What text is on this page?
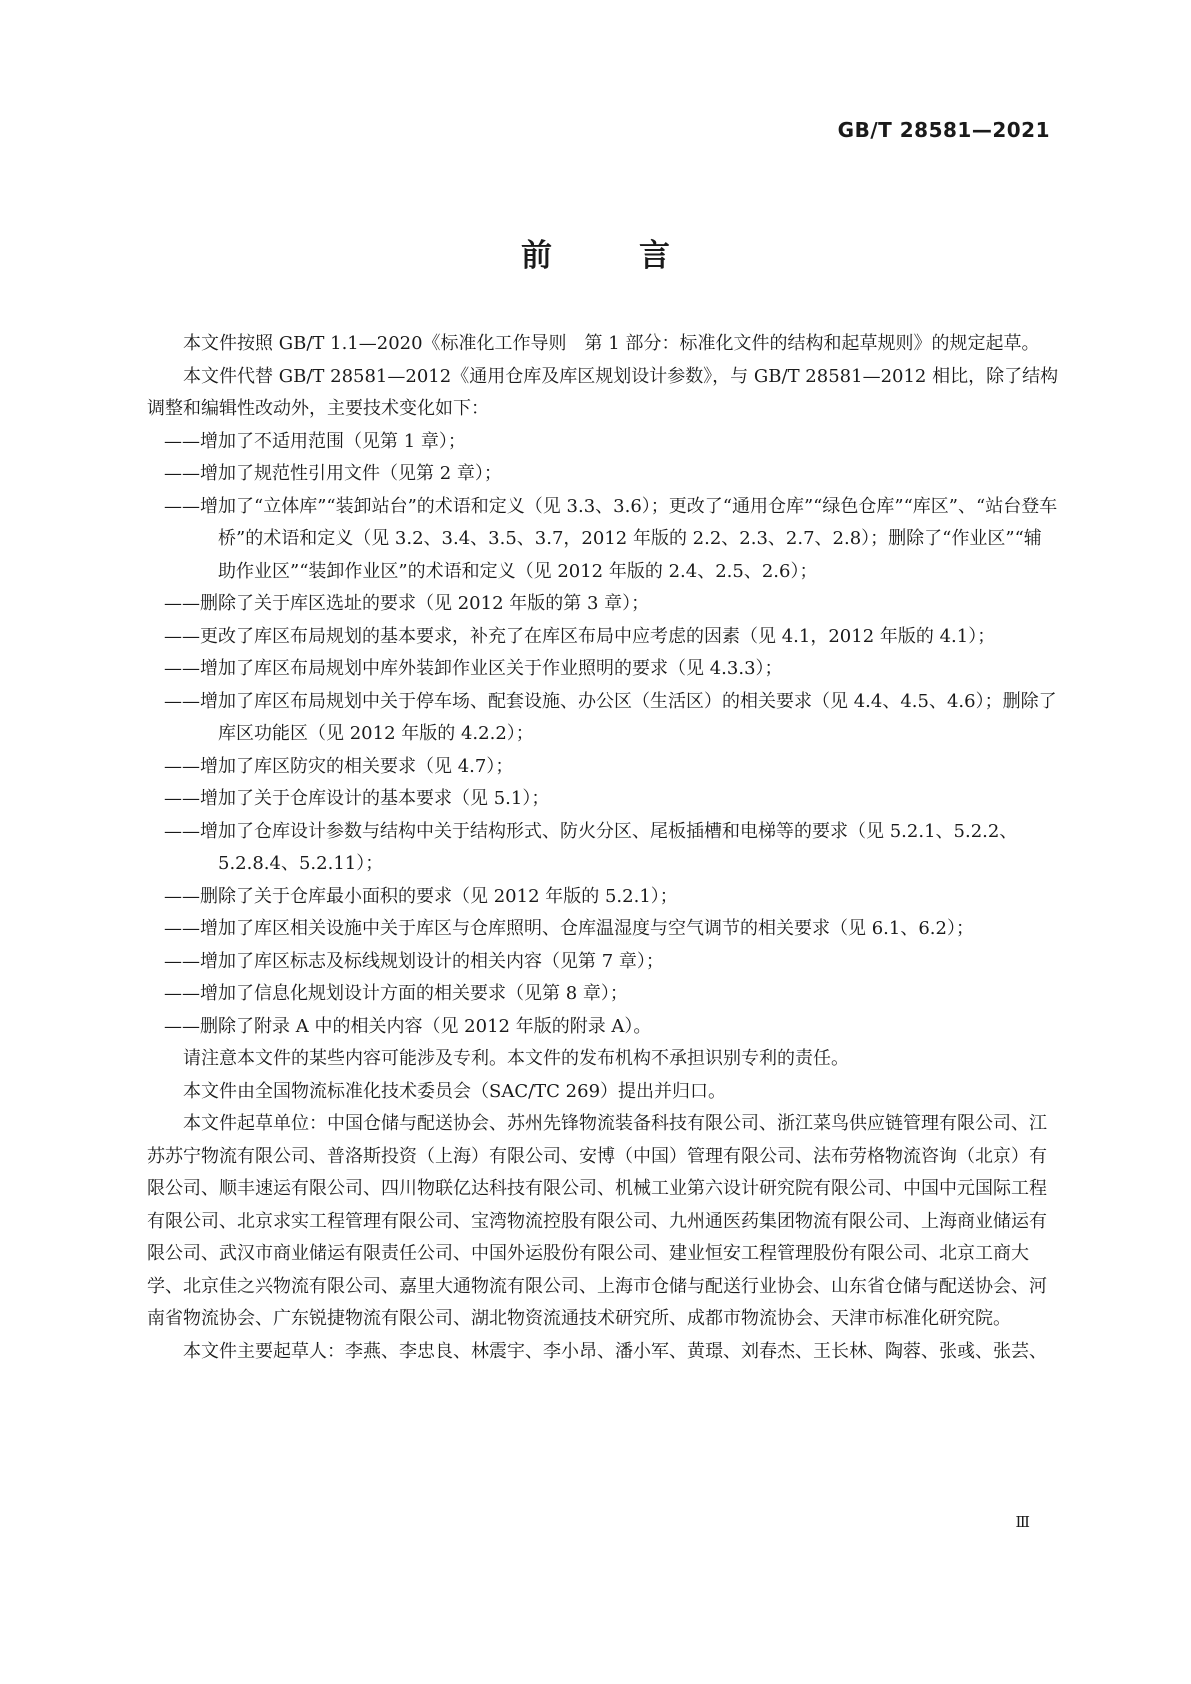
GB/T 28581—2021
前　言

本文件按照 GB/T 1.1—2020《标准化工作导则　第 1 部分：标准化文件的结构和起草规则》的规定起草。

本文件代替 GB/T 28581—2012《通用仓库及库区规划设计参数》，与 GB/T 28581—2012 相比，除了结构调整和编辑性改动外，主要技术变化如下：

——增加了不适用范围（见第 1 章）；

——增加了规范性引用文件（见第 2 章）；

——增加了“立体库”“装卸站台”的术语和定义（见 3.3、3.6）；更改了“通用仓库”“绿色仓库”“库区”、“站台登车桥”的术语和定义（见 3.2、3.4、3.5、3.7，2012 年版的 2.2、2.3、2.7、2.8）；删除了“作业区”“辅助作业区”“装卸作业区”的术语和定义（见 2012 年版的 2.4、2.5、2.6）；

——删除了关于库区选址的要求（见 2012 年版的第 3 章）；

——更改了库区布局规划的基本要求，补充了在库区布局中应考虑的因素（见 4.1，2012 年版的 4.1）；

——增加了库区布局规划中库外装卸作业区关于作业照明的要求（见 4.3.3）；

——增加了库区布局规划中关于停车场、配套设施、办公区（生活区）的相关要求（见 4.4、4.5、4.6）；删除了库区功能区（见 2012 年版的 4.2.2）；

——增加了库区防灾的相关要求（见 4.7）；

——增加了关于仓库设计的基本要求（见 5.1）；

——增加了仓库设计参数与结构中关于结构形式、防火分区、尾板插槽和电梯等的要求（见 5.2.1、5.2.2、5.2.8.4、5.2.11）；

——删除了关于仓库最小面积的要求（见 2012 年版的 5.2.1）；

——增加了库区相关设施中关于库区与仓库照明、仓库温湿度与空气调节的相关要求（见 6.1、6.2）；

——增加了库区标志及标线规划设计的相关内容（见第 7 章）；

——增加了信息化规划设计方面的相关要求（见第 8 章）；

——删除了附录 A 中的相关内容（见 2012 年版的附录 A）。

请注意本文件的某些内容可能涉及专利。本文件的发布机构不承担识别专利的责任。

本文件由全国物流标准化技术委员会（SAC/TC 269）提出并归口。

本文件起草单位：中国仓储与配送协会、苏州先锋物流装备科技有限公司、浙江菜鸟供应链管理有限公司、江苏苏宁物流有限公司、普洛斯投资（上海）有限公司、安博（中国）管理有限公司、法布劳格物流咨询（北京）有限公司、顺丰速运有限公司、四川物联亿达科技有限公司、机械工业第六设计研究院有限公司、中国中元国际工程有限公司、北京求实工程管理有限公司、宝湾物流控股有限公司、九州通医药集团物流有限公司、上海商业储运有限公司、武汉市商业储运有限责任公司、中国外运股份有限公司、建业恒安工程管理股份有限公司、北京工商大学、北京佳之兴物流有限公司、嘉里大通物流有限公司、上海市仓储与配送行业协会、山东省仓储与配送协会、河南省物流协会、广东锐捷物流有限公司、湖北物资流通技术研究所、成都市物流协会、天津市标准化研究院。

本文件主要起草人：李燕、李忠良、林震宇、李小昂、潘小军、黄璟、刘春杰、王长林、陶蓉、张彧、张芸、

Ⅲ
